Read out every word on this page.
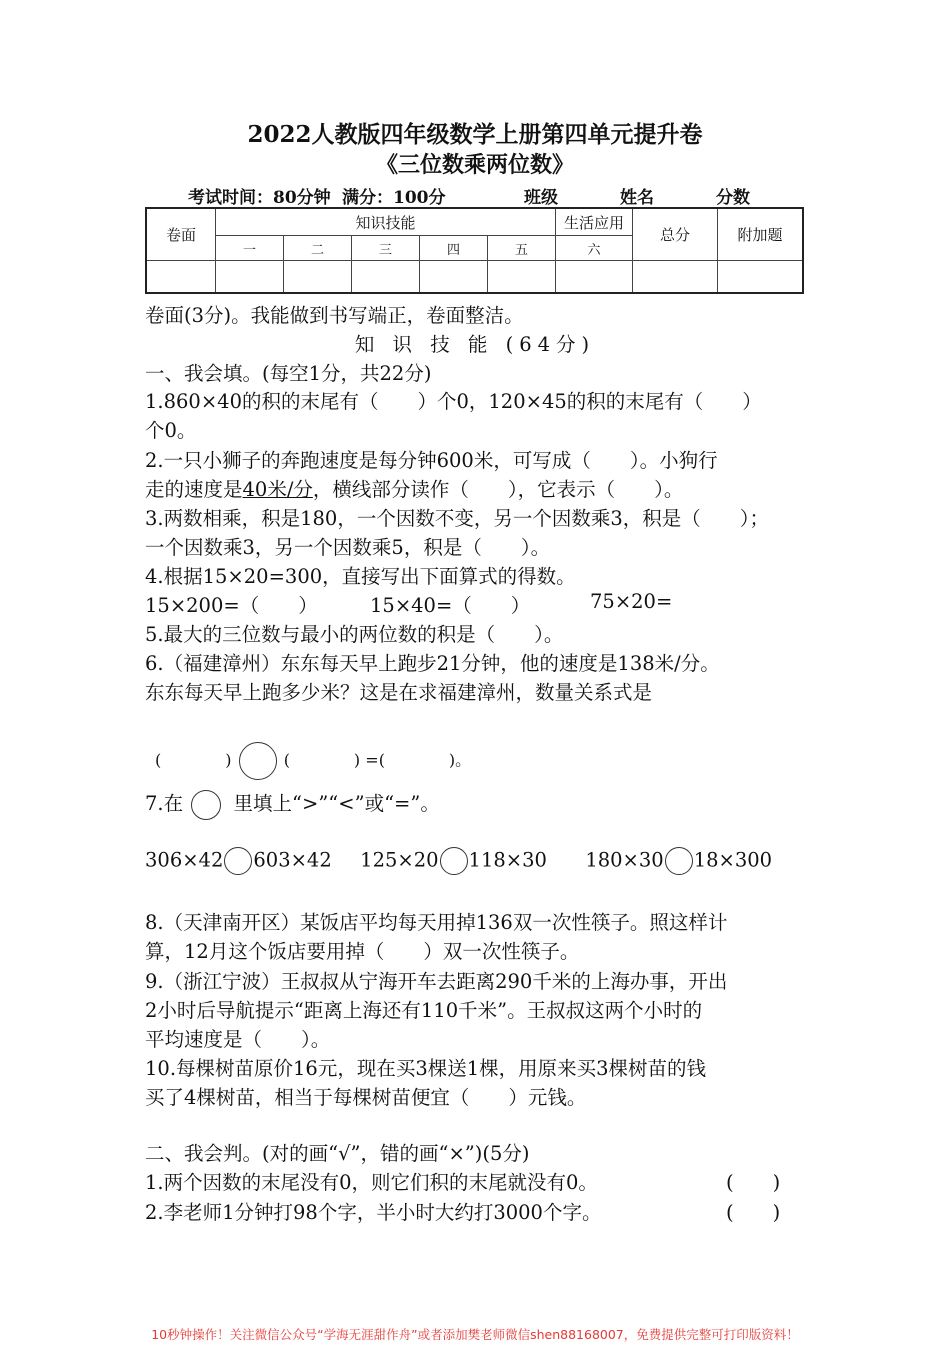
2022人教版四年级数学上册第四单元提升卷
《三位数乘两位数》
考试时间：80分钟 满分：100分	班级	姓名	分数
卷面	知识技能					生活应用	总分	附加题
	一	二	三	四	五	六		

卷面(3分)。我能做到书写端正，卷面整洁。
知 识 技 能 (64分)
一、我会填。(每空1分，共22分)
1.860×40的积的末尾有（　　）个0，120×45的积的末尾有（　　）
个0。
2.一只小狮子的奔跑速度是每分钟600米，可写成（　　）。小狗行
走的速度是40米/分，横线部分读作（　　），它表示（　　）。
3.两数相乘，积是180，一个因数不变，另一个因数乘3，积是（　　）；
一个因数乘3，另一个因数乘5，积是（　　）。
4.根据15×20=300，直接写出下面算式的得数。
15×200=（　　）	15×40=（　　）	75×20=
5.最大的三位数与最小的两位数的积是（　　）。
6.（福建漳州）东东每天早上跑步21分钟，他的速度是138米/分。
东东每天早上跑多少米？这是在求福建漳州，数量关系式是
(　　　　)	(　　　　) =(　　　　)。
7.在	里填上“>”“<”或“=”。
306×42 603×42 125×20 118×30 180×30 18×300
8.（天津南开区）某饭店平均每天用掉136双一次性筷子。照这样计
算，12月这个饭店要用掉（　　）双一次性筷子。
9.（浙江宁波）王叔叔从宁海开车去距离290千米的上海办事，开出
2小时后导航提示“距离上海还有110千米”。王叔叔这两个小时的
平均速度是（　　）。
10.每棵树苗原价16元，现在买3棵送1棵，用原来买3棵树苗的钱
买了4棵树苗，相当于每棵树苗便宜（　　）元钱。
二、我会判。(对的画“√”，错的画“×”)(5分)
1.两个因数的末尾没有0，则它们积的末尾就没有0。	(　　)
2.李老师1分钟打98个字，半小时大约打3000个字。	(　　)
10秒钟操作！关注微信公众号“学海无涯甜作舟”或者添加樊老师微信shen88168007，免费提供完整可打印版资料！
